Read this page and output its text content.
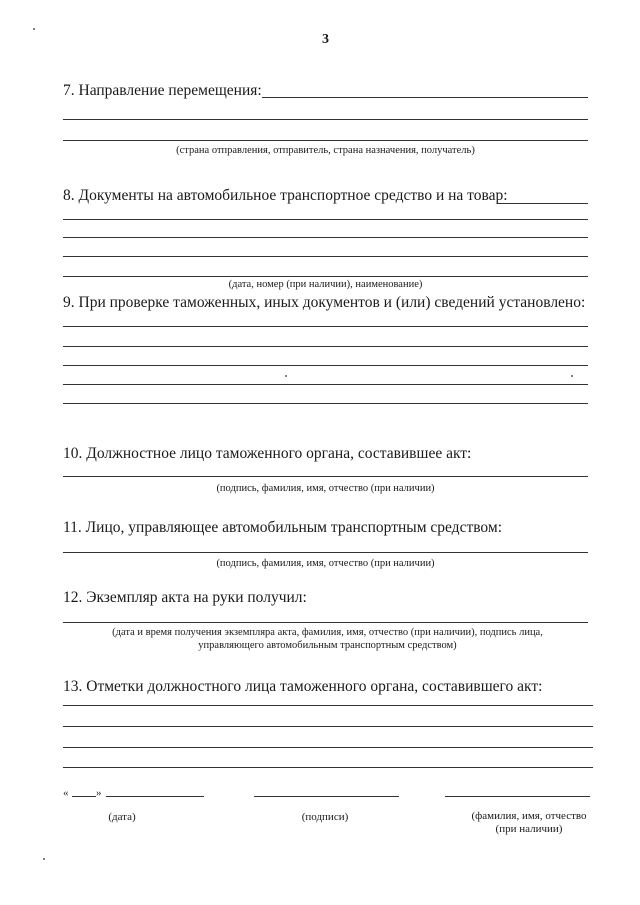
3
7. Направление перемещения:
(страна отправления, отправитель, страна назначения, получатель)
8. Документы на автомобильное транспортное средство и на товар:
(дата, номер (при наличии), наименование)
9. При проверке таможенных, иных документов и (или) сведений установлено:
10. Должностное лицо таможенного органа, составившее акт:
(подпись, фамилия, имя, отчество (при наличии)
11. Лицо, управляющее автомобильным транспортным средством:
(подпись, фамилия, имя, отчество (при наличии)
12. Экземпляр акта на руки получил:
(дата и время получения экземпляра акта, фамилия, имя, отчество (при наличии), подпись лица, управляющего автомобильным транспортным средством)
13. Отметки должностного лица таможенного органа, составившего акт:
«	»
(дата)	(подписи)	(фамилия, имя, отчество (при наличии)
